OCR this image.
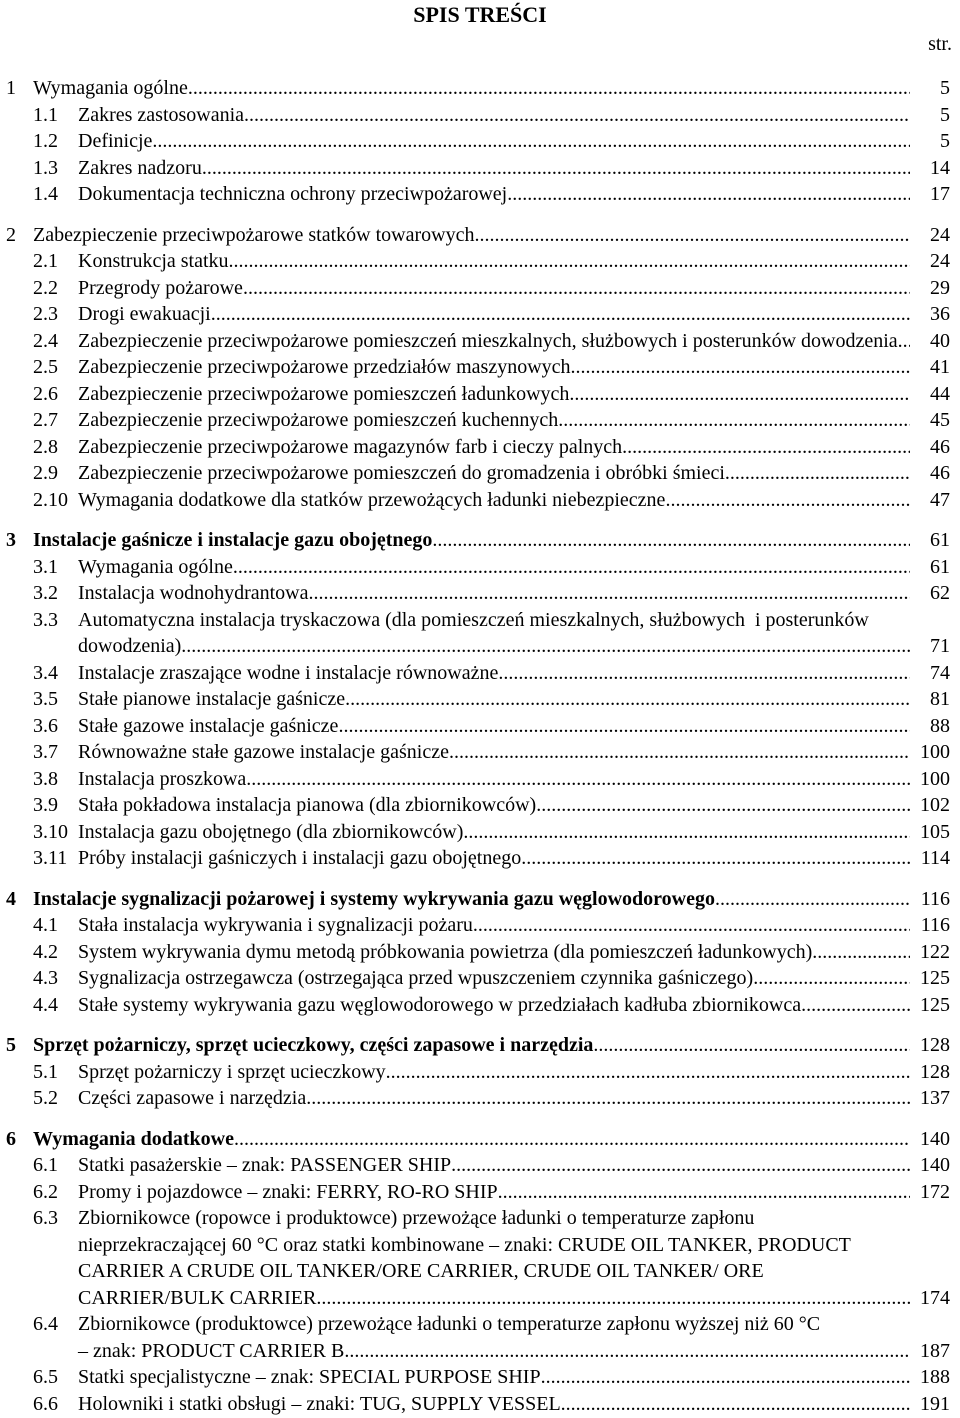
SPIS TREŚCI
str.
1 Wymagania ogólne .....	5
1.1	Zakres zastosowania .....	5
1.2	Definicje .....	5
1.3	Zakres nadzoru .....	14
1.4	Dokumentacja techniczna ochrony przeciwpożarowej .....	17
2 Zabezpieczenie przeciwpożarowe statków towarowych .....	24
2.1	Konstrukcja statku .....	24
2.2	Przegrody pożarowe .....	29
2.3	Drogi ewakuacji .....	36
2.4	Zabezpieczenie przeciwpożarowe pomieszczeń mieszkalnych, służbowych i posterunków dowodzenia .....	40
2.5	Zabezpieczenie przeciwpożarowe przedziałów maszynowych .....	41
2.6	Zabezpieczenie przeciwpożarowe pomieszczeń ładunkowych .....	44
2.7	Zabezpieczenie przeciwpożarowe pomieszczeń kuchennych .....	45
2.8	Zabezpieczenie przeciwpożarowe magazynów farb i cieczy palnych .....	46
2.9	Zabezpieczenie przeciwpożarowe pomieszczeń do gromadzenia i obróbki śmieci .....	46
2.10 Wymagania dodatkowe dla statków przewożących ładunki niebezpieczne .....	47
3 Instalacje gaśnicze i instalacje gazu obojętnego .....	61
3.1	Wymagania ogólne .....	61
3.2	Instalacja wodnohydrantowa .....	62
3.3	Automatyczna instalacja tryskaczowa (dla pomieszczeń mieszkalnych, służbowych  i posterunków
dowodzenia) .....	71
3.4	Instalacje zraszające wodne i instalacje równoważne .....	74
3.5	Stałe pianowe instalacje gaśnicze .....	81
3.6	Stałe gazowe instalacje gaśnicze .....	88
3.7	Równoważne stałe gazowe instalacje gaśnicze .....	100
3.8	Instalacja proszkowa .....	100
3.9	Stała pokładowa instalacja pianowa (dla zbiornikowców) .....	102
3.10 Instalacja gazu obojętnego (dla zbiornikowców) .....	105
3.11 Próby instalacji gaśniczych i instalacji gazu obojętnego .....	114
4 Instalacje sygnalizacji pożarowej i systemy wykrywania gazu węglowodorowego .....	116
4.1	Stała instalacja wykrywania i sygnalizacji pożaru .....	116
4.2	System wykrywania dymu metodą próbkowania powietrza (dla pomieszczeń ładunkowych) .....	122
4.3	Sygnalizacja ostrzegawcza (ostrzegająca przed wpuszczeniem czynnika gaśniczego) .....	125
4.4	Stałe systemy wykrywania gazu węglowodorowego w przedziałach kadłuba zbiornikowca .....	125
5 Sprzęt pożarniczy, sprzęt ucieczkowy, części zapasowe i narzędzia .....	128
5.1	Sprzęt pożarniczy i sprzęt ucieczkowy .....	128
5.2	Części zapasowe i narzędzia .....	137
6 Wymagania dodatkowe .....	140
6.1	Statki pasażerskie – znak: PASSENGER SHIP .....	140
6.2	Promy i pojazdowce – znaki: FERRY, RO-RO SHIP .....	172
6.3	Zbiornikowce (ropowce i produktowce) przewożące ładunki o temperaturze zapłonu
nieprzekraczającej 60 °C oraz statki kombinowane – znaki: CRUDE OIL TANKER, PRODUCT
CARRIER A CRUDE OIL TANKER/ORE CARRIER, CRUDE OIL TANKER/ ORE
CARRIER/BULK CARRIER .....	174
6.4	Zbiornikowce (produktowce) przewożące ładunki o temperaturze zapłonu wyższej niż 60 °C
– znak: PRODUCT CARRIER B .....	187
6.5	Statki specjalistyczne – znak: SPECIAL PURPOSE SHIP .....	188
6.6	Holowniki i statki obsługi – znaki: TUG, SUPPLY VESSEL .....	191
